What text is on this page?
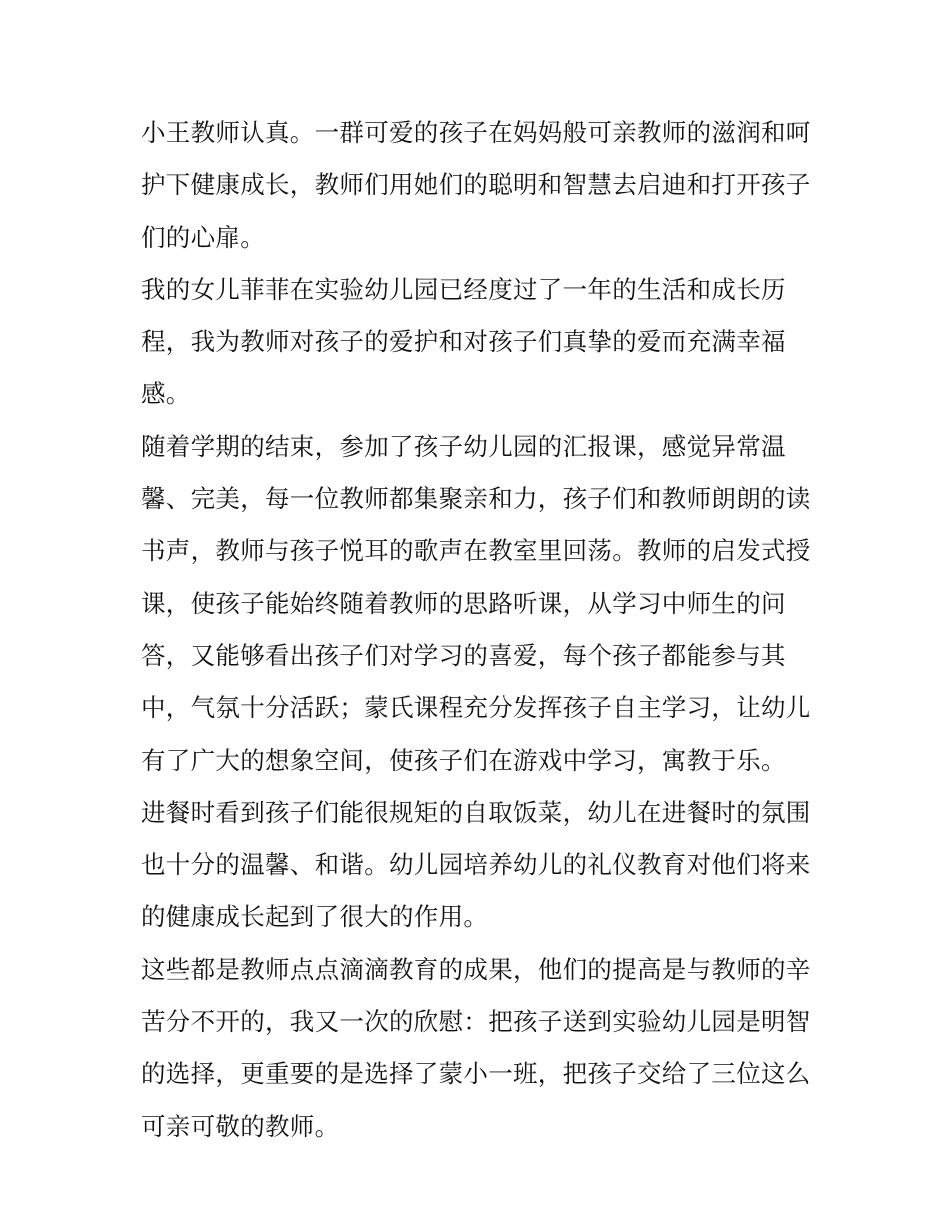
小王教师认真。一群可爱的孩子在妈妈般可亲教师的滋润和呵
护下健康成长，教师们用她们的聪明和智慧去启迪和打开孩子
们的心扉。

我的女儿菲菲在实验幼儿园已经度过了一年的生活和成长历
程，我为教师对孩子的爱护和对孩子们真挚的爱而充满幸福
感。

随着学期的结束，参加了孩子幼儿园的汇报课，感觉异常温
馨、完美，每一位教师都集聚亲和力，孩子们和教师朗朗的读
书声，教师与孩子悦耳的歌声在教室里回荡。教师的启发式授
课，使孩子能始终随着教师的思路听课，从学习中师生的问
答，又能够看出孩子们对学习的喜爱，每个孩子都能参与其
中，气氛十分活跃；蒙氏课程充分发挥孩子自主学习，让幼儿
有了广大的想象空间，使孩子们在游戏中学习，寓教于乐。

进餐时看到孩子们能很规矩的自取饭菜，幼儿在进餐时的氛围
也十分的温馨、和谐。幼儿园培养幼儿的礼仪教育对他们将来
的健康成长起到了很大的作用。

这些都是教师点点滴滴教育的成果，他们的提高是与教师的辛
苦分不开的，我又一次的欣慰：把孩子送到实验幼儿园是明智
的选择，更重要的是选择了蒙小一班，把孩子交给了三位这么
可亲可敬的教师。
